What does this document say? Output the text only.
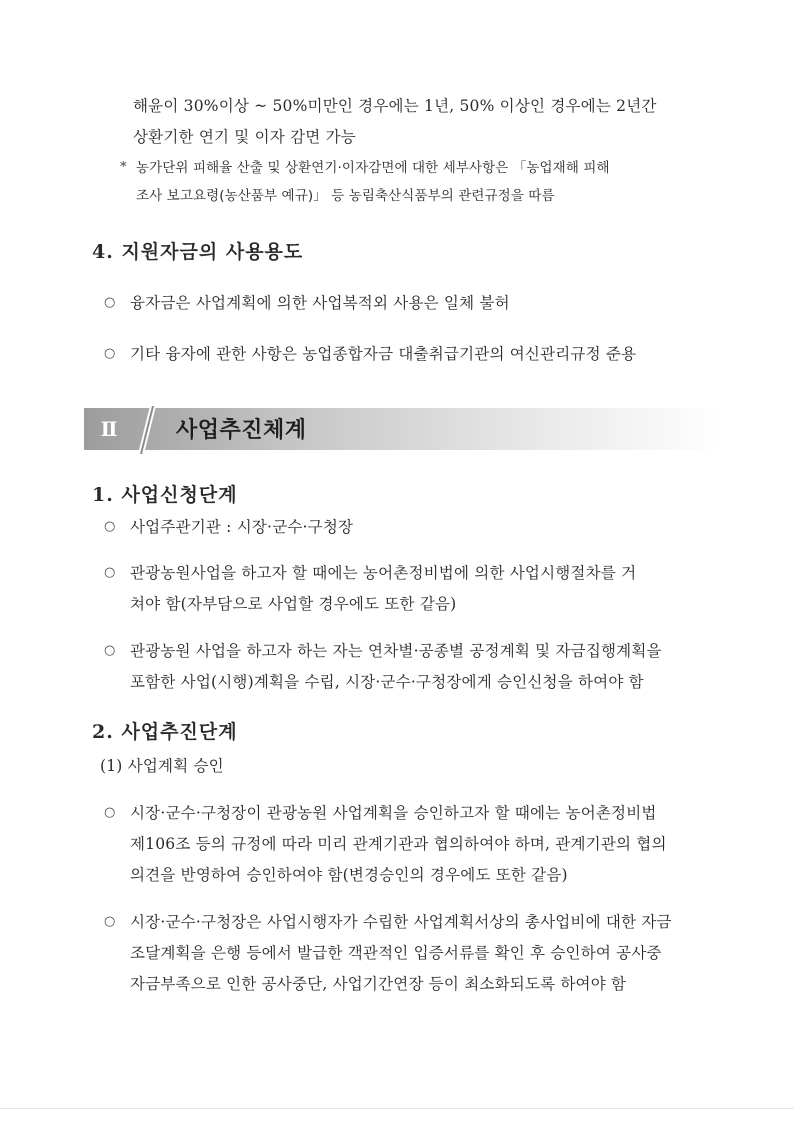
해윤이 30%이상 ~ 50%미만인 경우에는 1년, 50% 이상인 경우에는 2년간
상환기한 연기 및 이자 감면 가능
* 농가단위 피해율 산출 및 상환연기·이자감면에 대한 세부사항은 「농업재해 피해
조사 보고요령(농산품부 예규)」 등 농림축산식품부의 관련규정을 따름
4. 지원자금의 사용용도
○ 융자금은 사업계획에 의한 사업복적외 사용은 일체 불허
○ 기타 융자에 관한 사항은 농업종합자금 대출취급기관의 여신관리규정 준용
Ⅱ	사업추진체계
1. 사업신청단계
○ 사업주관기관 : 시장·군수·구청장
○ 관광농원사업을 하고자 할 때에는 농어촌정비법에 의한 사업시행절차를 거
쳐야 함(자부담으로 사업할 경우에도 또한 같음)
○ 관광농원 사업을 하고자 하는 자는 연차별·공종별 공정계획 및 자금집행계획을
포함한 사업(시행)계획을 수립, 시장·군수·구청장에게 승인신청을 하여야 함
2. 사업추진단계
(1) 사업계획 승인
○ 시장·군수·구청장이 관광농원 사업계획을 승인하고자 할 때에는 농어촌정비법
제106조 등의 규정에 따라 미리 관계기관과 협의하여야 하며, 관계기관의 협의
의견을 반영하여 승인하여야 함(변경승인의 경우에도 또한 같음)
○ 시장·군수·구청장은 사업시행자가 수립한 사업계획서상의 총사업비에 대한 자금
조달계획을 은행 등에서 발급한 객관적인 입증서류를 확인 후 승인하여 공사중
자금부족으로 인한 공사중단, 사업기간연장 등이 최소화되도록 하여야 함
